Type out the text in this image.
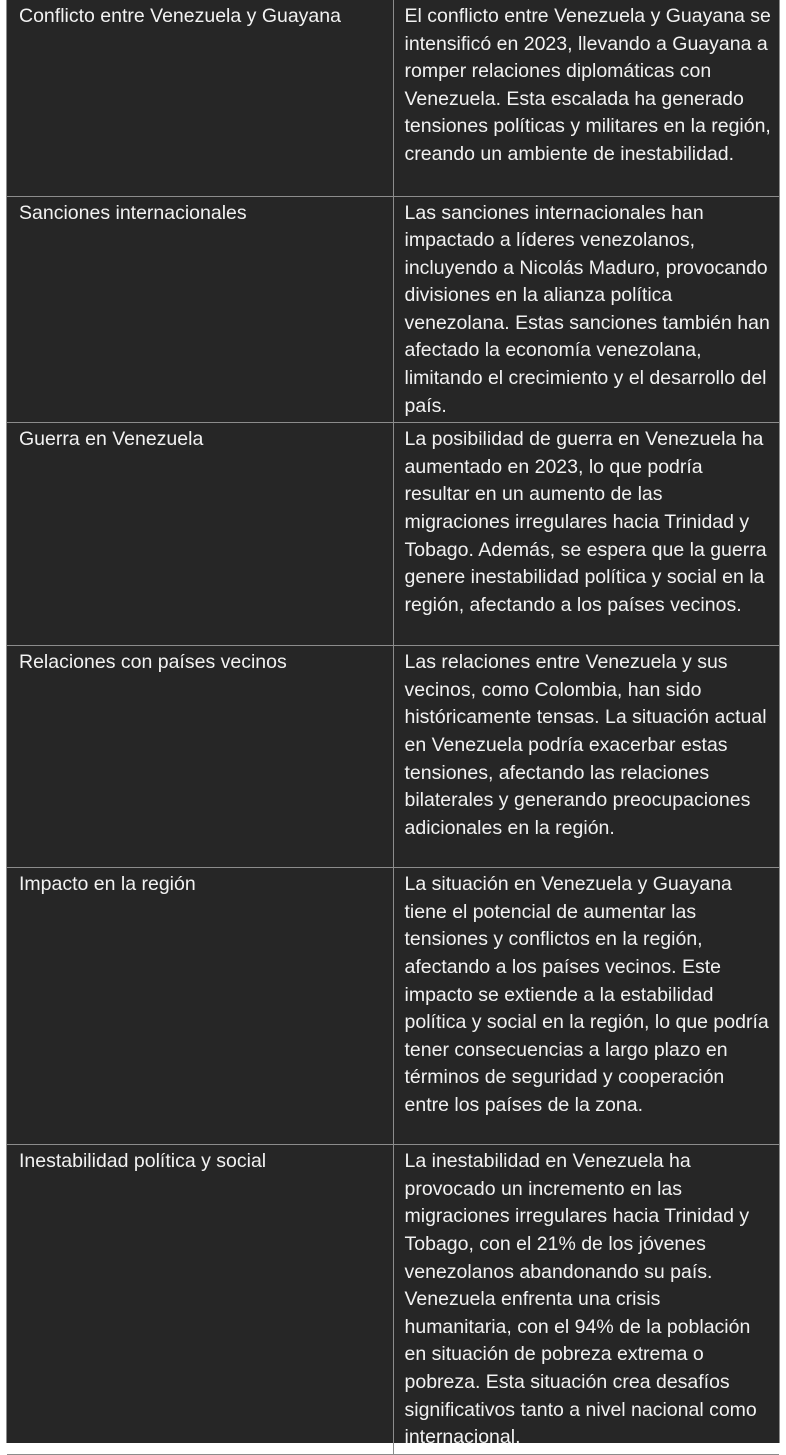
Conflicto entre Venezuela y Guayana	El conflicto entre Venezuela y Guayana se intensificó en 2023, llevando a Guayana a romper relaciones diplomáticas con Venezuela. Esta escalada ha generado tensiones políticas y militares en la región, creando un ambiente de inestabilidad.
Sanciones internacionales	Las sanciones internacionales han impactado a líderes venezolanos, incluyendo a Nicolás Maduro, provocando divisiones en la alianza política venezolana. Estas sanciones también han afectado la economía venezolana, limitando el crecimiento y el desarrollo del país.
Guerra en Venezuela	La posibilidad de guerra en Venezuela ha aumentado en 2023, lo que podría resultar en un aumento de las migraciones irregulares hacia Trinidad y Tobago. Además, se espera que la guerra genere inestabilidad política y social en la región, afectando a los países vecinos.
Relaciones con países vecinos	Las relaciones entre Venezuela y sus vecinos, como Colombia, han sido históricamente tensas. La situación actual en Venezuela podría exacerbar estas tensiones, afectando las relaciones bilaterales y generando preocupaciones adicionales en la región.
Impacto en la región	La situación en Venezuela y Guayana tiene el potencial de aumentar las tensiones y conflictos en la región, afectando a los países vecinos. Este impacto se extiende a la estabilidad política y social en la región, lo que podría tener consecuencias a largo plazo en términos de seguridad y cooperación entre los países de la zona.
Inestabilidad política y social	La inestabilidad en Venezuela ha provocado un incremento en las migraciones irregulares hacia Trinidad y Tobago, con el 21% de los jóvenes venezolanos abandonando su país. Venezuela enfrenta una crisis humanitaria, con el 94% de la población en situación de pobreza extrema o pobreza. Esta situación crea desafíos significativos tanto a nivel nacional como internacional.
